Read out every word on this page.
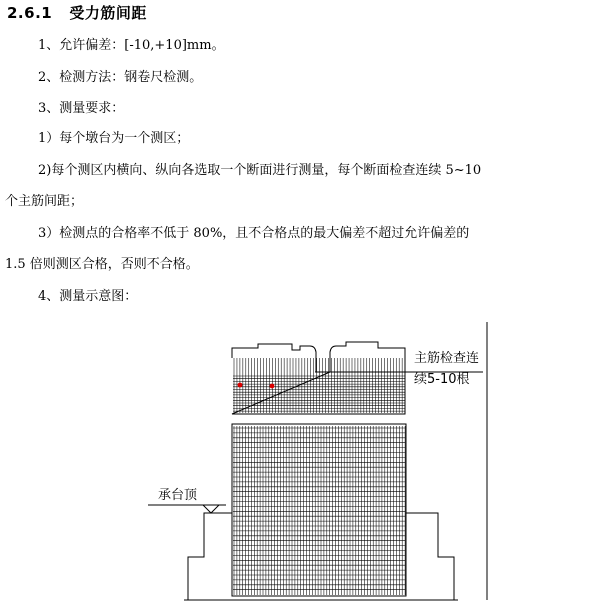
2.6.1 受力筋间距
1、允许偏差：[-10,+10]mm。
2、检测方法：钢卷尺检测。
3、测量要求：
1）每个墩台为一个测区；
2)每个测区内横向、纵向各选取一个断面进行测量，每个断面检查连续 5~10
个主筋间距；
3）检测点的合格率不低于 80%，且不合格点的最大偏差不超过允许偏差的
1.5 倍则测区合格，否则不合格。
4、测量示意图：
主筋检查连
续5-10根
承台顶
